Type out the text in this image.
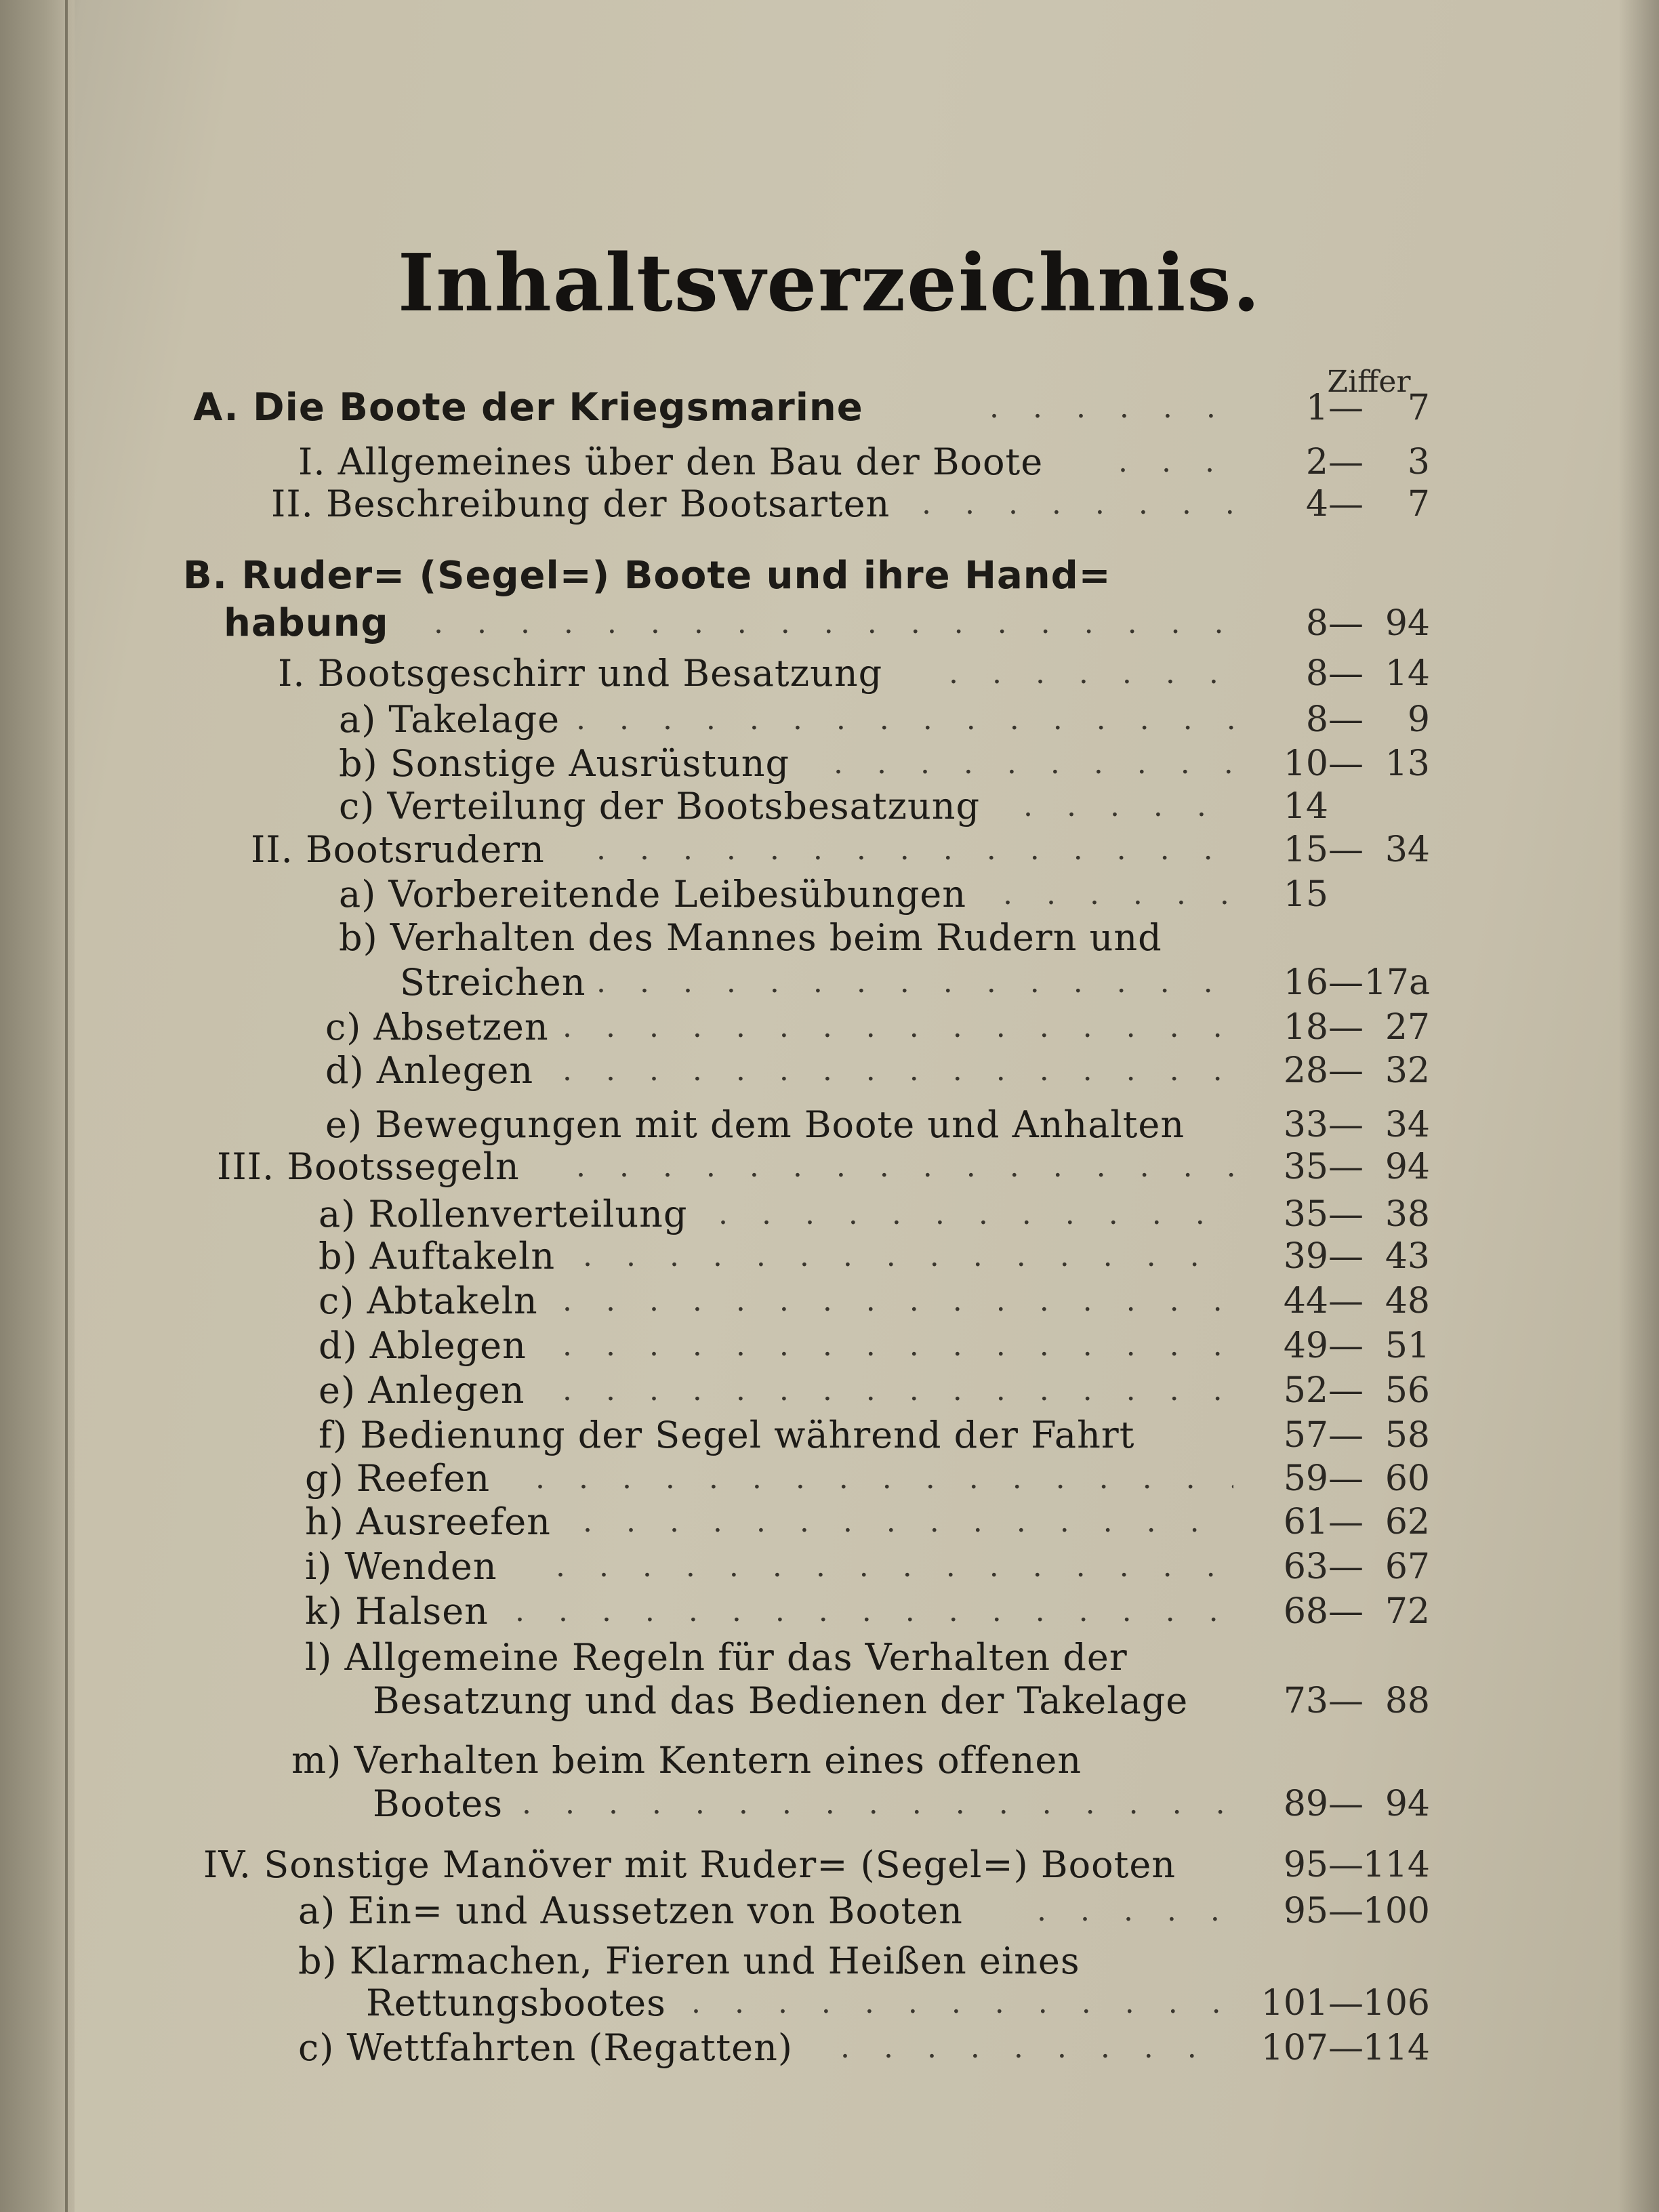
Inhaltsverzeichnis.
Ziffer
A. Die Boote der Kriegsmarine . . .	1— 7
I. Allgemeines über den Bau der Boote . . .	2— 3
II. Beschreibung der Bootsarten . . .	4— 7
B. Ruder= (Segel=) Boote und ihre Hand=
habung . . .	8— 94
I. Bootsgeschirr und Besatzung . . .	8— 14
a) Takelage . . .	8— 9
b) Sonstige Ausrüstung . . .	10— 13
c) Verteilung der Bootsbesatzung . . .	14
II. Bootsrudern . . .	15— 34
a) Vorbereitende Leibesübungen . . .	15
b) Verhalten des Mannes beim Rudern und
Streichen . . .	16—17a
c) Absetzen . . .	18— 27
d) Anlegen . . .	28— 32
e) Bewegungen mit dem Boote und Anhalten	33— 34
III. Bootssegeln . . .	35— 94
a) Rollenverteilung . . .	35— 38
b) Auftakeln . . .	39— 43
c) Abtakeln . . .	44— 48
d) Ablegen . . .	49— 51
e) Anlegen . . .	52— 56
f) Bedienung der Segel während der Fahrt	57— 58
g) Reefen . . .	59— 60
h) Ausreefen . . .	61— 62
i) Wenden . . .	63— 67
k) Halsen . . .	68— 72
l) Allgemeine Regeln für das Verhalten der
Besatzung und das Bedienen der Takelage	73— 88
m) Verhalten beim Kentern eines offenen
Bootes . . .	89— 94
IV. Sonstige Manöver mit Ruder= (Segel=) Booten	95—114
a) Ein= und Aussetzen von Booten . . .	95—100
b) Klarmachen, Fieren und Heißen eines
Rettungsbootes . . .	101—106
c) Wettfahrten (Regatten) . . .	107—114
